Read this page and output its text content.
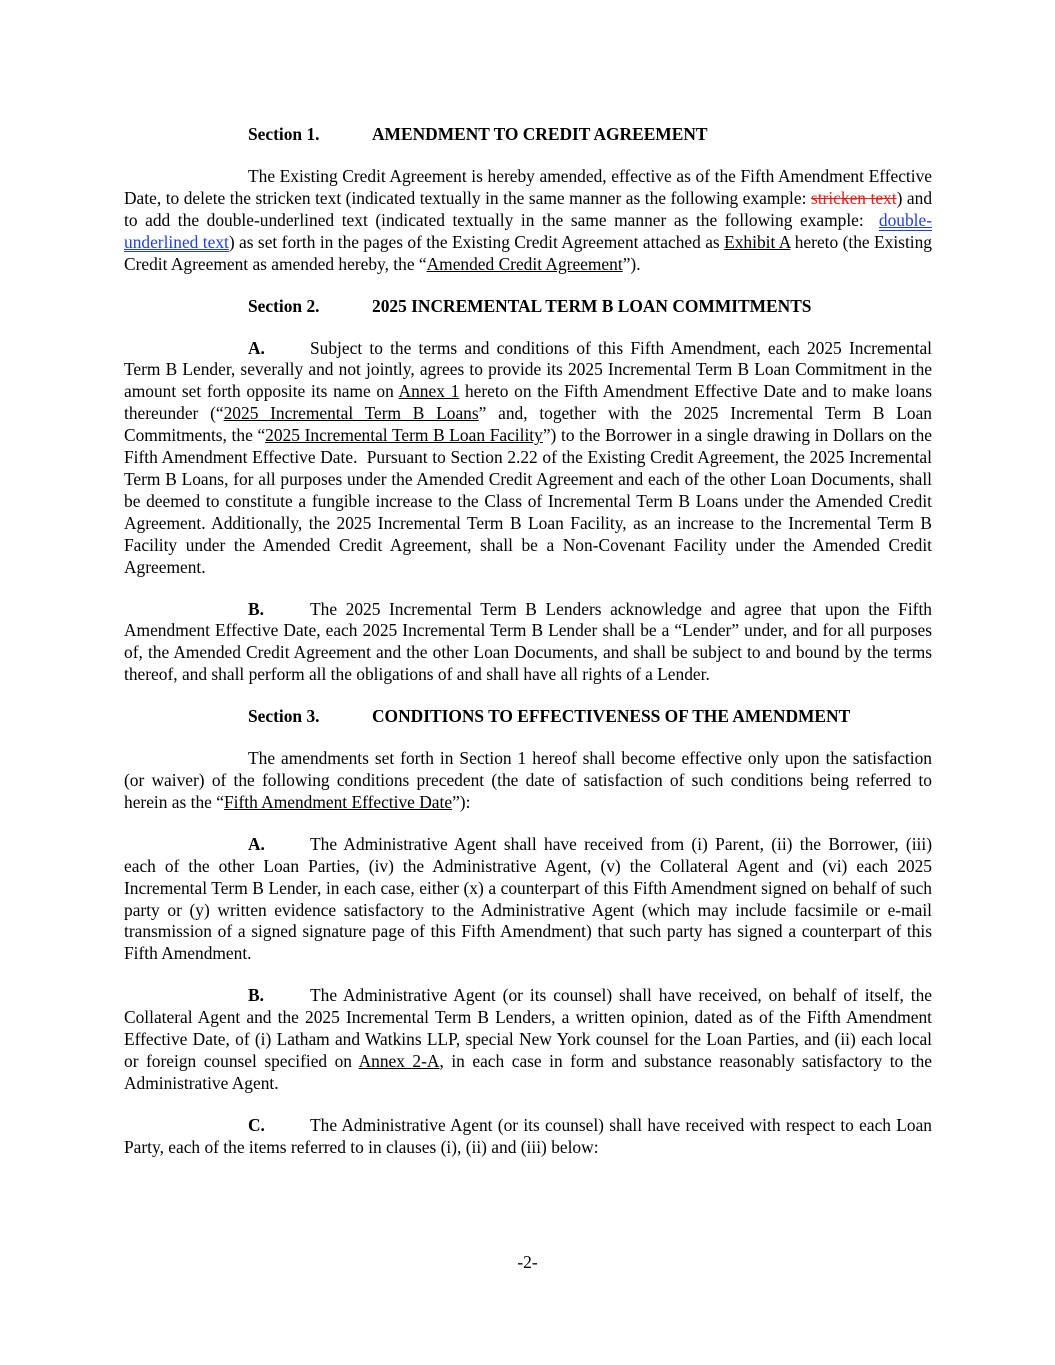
Section 1.	AMENDMENT TO CREDIT AGREEMENT

The Existing Credit Agreement is hereby amended, effective as of the Fifth Amendment Effective Date, to delete the stricken text (indicated textually in the same manner as the following example: stricken text) and to add the double-underlined text (indicated textually in the same manner as the following example:  double-underlined text) as set forth in the pages of the Existing Credit Agreement attached as Exhibit A hereto (the Existing Credit Agreement as amended hereby, the “Amended Credit Agreement”).

Section 2.	2025 INCREMENTAL TERM B LOAN COMMITMENTS

A.	Subject to the terms and conditions of this Fifth Amendment, each 2025 Incremental Term B Lender, severally and not jointly, agrees to provide its 2025 Incremental Term B Loan Commitment in the amount set forth opposite its name on Annex 1 hereto on the Fifth Amendment Effective Date and to make loans thereunder (“2025 Incremental Term B Loans” and, together with the 2025 Incremental Term B Loan Commitments, the “2025 Incremental Term B Loan Facility”) to the Borrower in a single drawing in Dollars on the Fifth Amendment Effective Date.  Pursuant to Section 2.22 of the Existing Credit Agreement, the 2025 Incremental Term B Loans, for all purposes under the Amended Credit Agreement and each of the other Loan Documents, shall be deemed to constitute a fungible increase to the Class of Incremental Term B Loans under the Amended Credit Agreement. Additionally, the 2025 Incremental Term B Loan Facility, as an increase to the Incremental Term B Facility under the Amended Credit Agreement, shall be a Non-Covenant Facility under the Amended Credit Agreement.

B.	The 2025 Incremental Term B Lenders acknowledge and agree that upon the Fifth Amendment Effective Date, each 2025 Incremental Term B Lender shall be a “Lender” under, and for all purposes of, the Amended Credit Agreement and the other Loan Documents, and shall be subject to and bound by the terms thereof, and shall perform all the obligations of and shall have all rights of a Lender.

Section 3.	CONDITIONS TO EFFECTIVENESS OF THE AMENDMENT

The amendments set forth in Section 1 hereof shall become effective only upon the satisfaction (or waiver) of the following conditions precedent (the date of satisfaction of such conditions being referred to herein as the “Fifth Amendment Effective Date”):

A.	The Administrative Agent shall have received from (i) Parent, (ii) the Borrower, (iii) each of the other Loan Parties, (iv) the Administrative Agent, (v) the Collateral Agent and (vi) each 2025 Incremental Term B Lender, in each case, either (x) a counterpart of this Fifth Amendment signed on behalf of such party or (y) written evidence satisfactory to the Administrative Agent (which may include facsimile or e-mail transmission of a signed signature page of this Fifth Amendment) that such party has signed a counterpart of this Fifth Amendment.

B.	The Administrative Agent (or its counsel) shall have received, on behalf of itself, the Collateral Agent and the 2025 Incremental Term B Lenders, a written opinion, dated as of the Fifth Amendment Effective Date, of (i) Latham and Watkins LLP, special New York counsel for the Loan Parties, and (ii) each local or foreign counsel specified on Annex 2-A, in each case in form and substance reasonably satisfactory to the Administrative Agent.

C.	The Administrative Agent (or its counsel) shall have received with respect to each Loan Party, each of the items referred to in clauses (i), (ii) and (iii) below:

-2-
